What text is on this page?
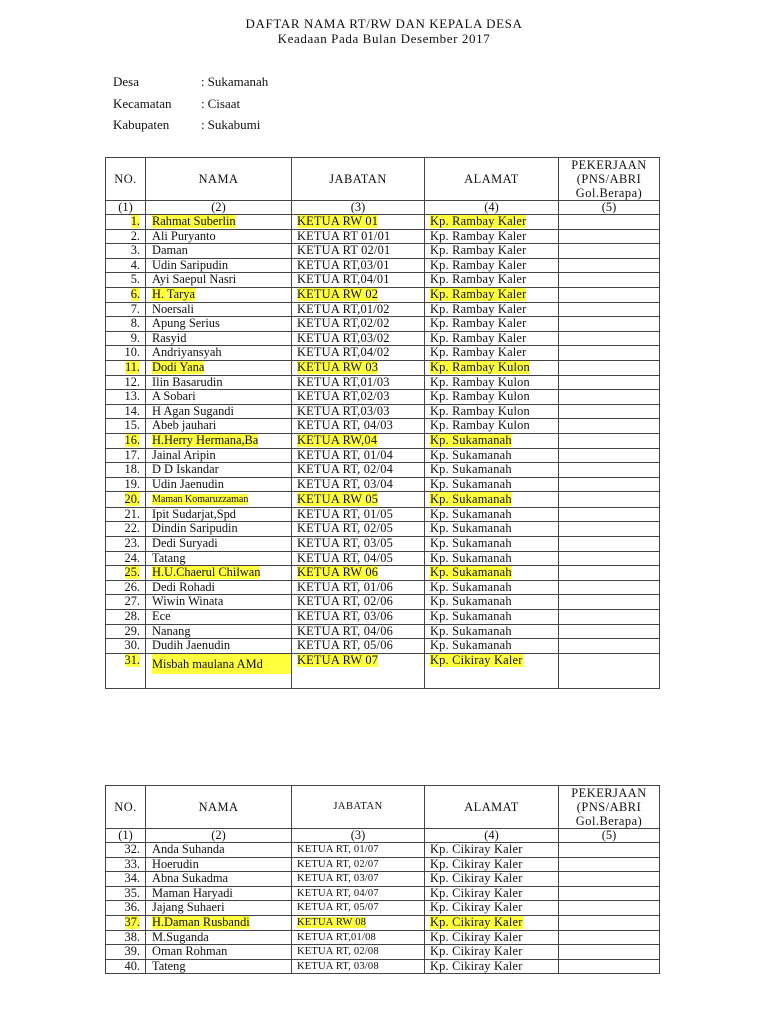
DAFTAR NAMA RT/RW DAN KEPALA DESA
Keadaan Pada Bulan Desember 2017
Desa	: Sukamanah
Kecamatan : Cisaat
Kabupaten : Sukabumi
NO.	NAMA	JABATAN	ALAMAT	PEKERJAAN (PNS/ABRI Gol.Berapa)
(1)	(2)	(3)	(4)	(5)
1.	Rahmat Suberlin	KETUA RW 01	Kp. Rambay Kaler	
2.	Ali Puryanto	KETUA RT 01/01	Kp. Rambay Kaler	
3.	Daman	KETUA RT 02/01	Kp. Rambay Kaler	
4.	Udin Saripudin	KETUA RT,03/01	Kp. Rambay Kaler	
5.	Ayi Saepul Nasri	KETUA RT,04/01	Kp. Rambay Kaler	
6.	H. Tarya	KETUA RW 02	Kp. Rambay Kaler	
7.	Noersali	KETUA RT,01/02	Kp. Rambay Kaler	
8.	Apung Serius	KETUA RT,02/02	Kp. Rambay Kaler	
9.	Rasyid	KETUA RT,03/02	Kp. Rambay Kaler	
10.	Andriyansyah	KETUA RT,04/02	Kp. Rambay Kaler	
11.	Dodi Yana	KETUA RW 03	Kp. Rambay Kulon	
12.	Ilin Basarudin	KETUA RT,01/03	Kp. Rambay Kulon	
13.	A Sobari	KETUA RT,02/03	Kp. Rambay Kulon	
14.	H Agan Sugandi	KETUA RT,03/03	Kp. Rambay Kulon	
15.	Abeb jauhari	KETUA RT, 04/03	Kp. Rambay Kulon	
16.	H.Herry Hermana,Ba	KETUA RW,04	Kp. Sukamanah	
17.	Jainal Aripin	KETUA RT, 01/04	Kp. Sukamanah	
18.	D D Iskandar	KETUA RT, 02/04	Kp. Sukamanah	
19.	Udin Jaenudin	KETUA RT, 03/04	Kp. Sukamanah	
20.	Maman Komaruzzaman	KETUA RW 05	Kp. Sukamanah	
21.	Ipit Sudarjat,Spd	KETUA RT, 01/05	Kp. Sukamanah	
22.	Dindin Saripudin	KETUA RT, 02/05	Kp. Sukamanah	
23.	Dedi Suryadi	KETUA RT, 03/05	Kp. Sukamanah	
24.	Tatang	KETUA RT, 04/05	Kp. Sukamanah	
25.	H.U.Chaerul Chilwan	KETUA RW 06	Kp. Sukamanah	
26.	Dedi Rohadi	KETUA RT, 01/06	Kp. Sukamanah	
27.	Wiwin Winata	KETUA RT, 02/06	Kp. Sukamanah	
28.	Ece	KETUA RT, 03/06	Kp. Sukamanah	
29.	Nanang	KETUA RT, 04/06	Kp. Sukamanah	
30.	Dudih Jaenudin	KETUA RT, 05/06	Kp. Sukamanah	
31.	Misbah maulana AMd	KETUA RW 07	Kp. Cikiray Kaler	
NO.	NAMA	JABATAN	ALAMAT	PEKERJAAN (PNS/ABRI Gol.Berapa)
(1)	(2)	(3)	(4)	(5)
32.	Anda Suhanda	KETUA RT, 01/07	Kp. Cikiray Kaler	
33.	Hoerudin	KETUA RT, 02/07	Kp. Cikiray Kaler	
34.	Abna Sukadma	KETUA RT, 03/07	Kp. Cikiray Kaler	
35.	Maman Haryadi	KETUA RT, 04/07	Kp. Cikiray Kaler	
36.	Jajang Suhaeri	KETUA RT, 05/07	Kp. Cikiray Kaler	
37.	H.Daman Rusbandi	KETUA RW 08	Kp. Cikiray Kaler	
38.	M.Suganda	KETUA RT,01/08	Kp. Cikiray Kaler	
39.	Oman Rohman	KETUA RT, 02/08	Kp. Cikiray Kaler	
40.	Tateng	KETUA RT, 03/08	Kp. Cikiray Kaler	
